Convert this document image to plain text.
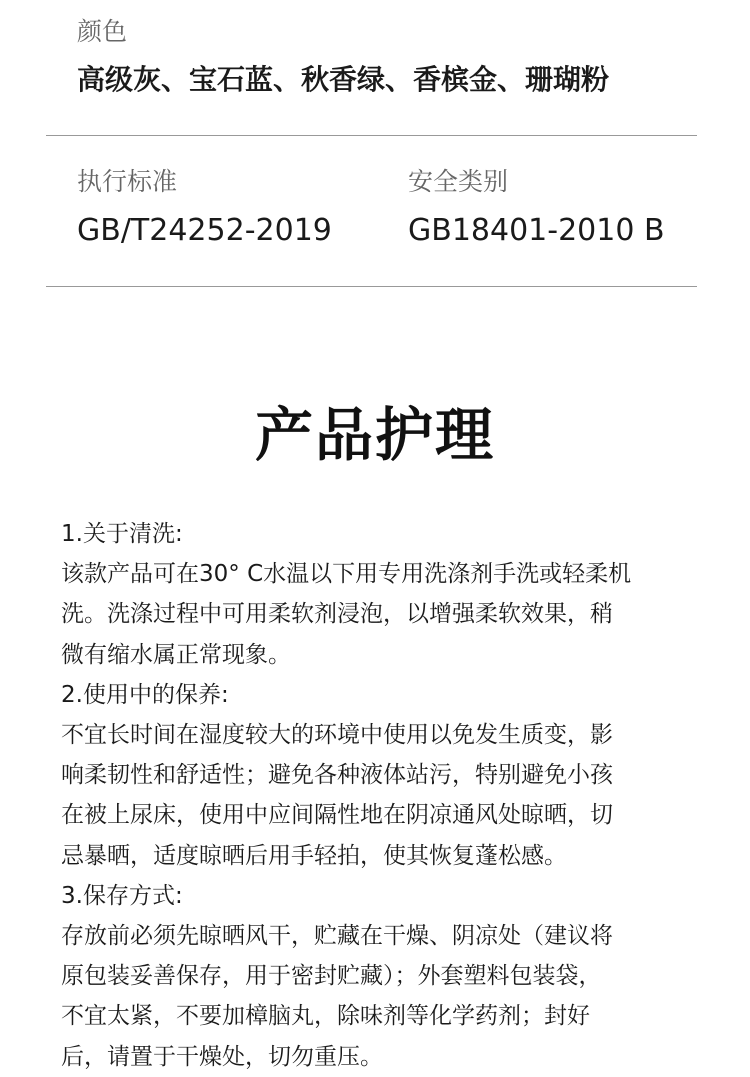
颜色
高级灰、宝石蓝、秋香绿、香槟金、珊瑚粉
执行标准
GB/T24252-2019
安全类别
GB18401-2010 B
产品护理
1.关于清洗:
该款产品可在30° C水温以下用专用洗涤剂手洗或轻柔机
洗。洗涤过程中可用柔软剂浸泡，以增强柔软效果，稍
微有缩水属正常现象。
2.使用中的保养:
不宜长时间在湿度较大的环境中使用以免发生质变，影
响柔韧性和舒适性；避免各种液体站污，特别避免小孩
在被上尿床，使用中应间隔性地在阴凉通风处晾晒，切
忌暴晒，适度晾晒后用手轻拍，使其恢复蓬松感。
3.保存方式:
存放前必须先晾晒风干，贮藏在干燥、阴凉处（建议将
原包装妥善保存，用于密封贮藏）；外套塑料包装袋，
不宜太紧，不要加樟脑丸，除味剂等化学药剂；封好
后，请置于干燥处，切勿重压。
